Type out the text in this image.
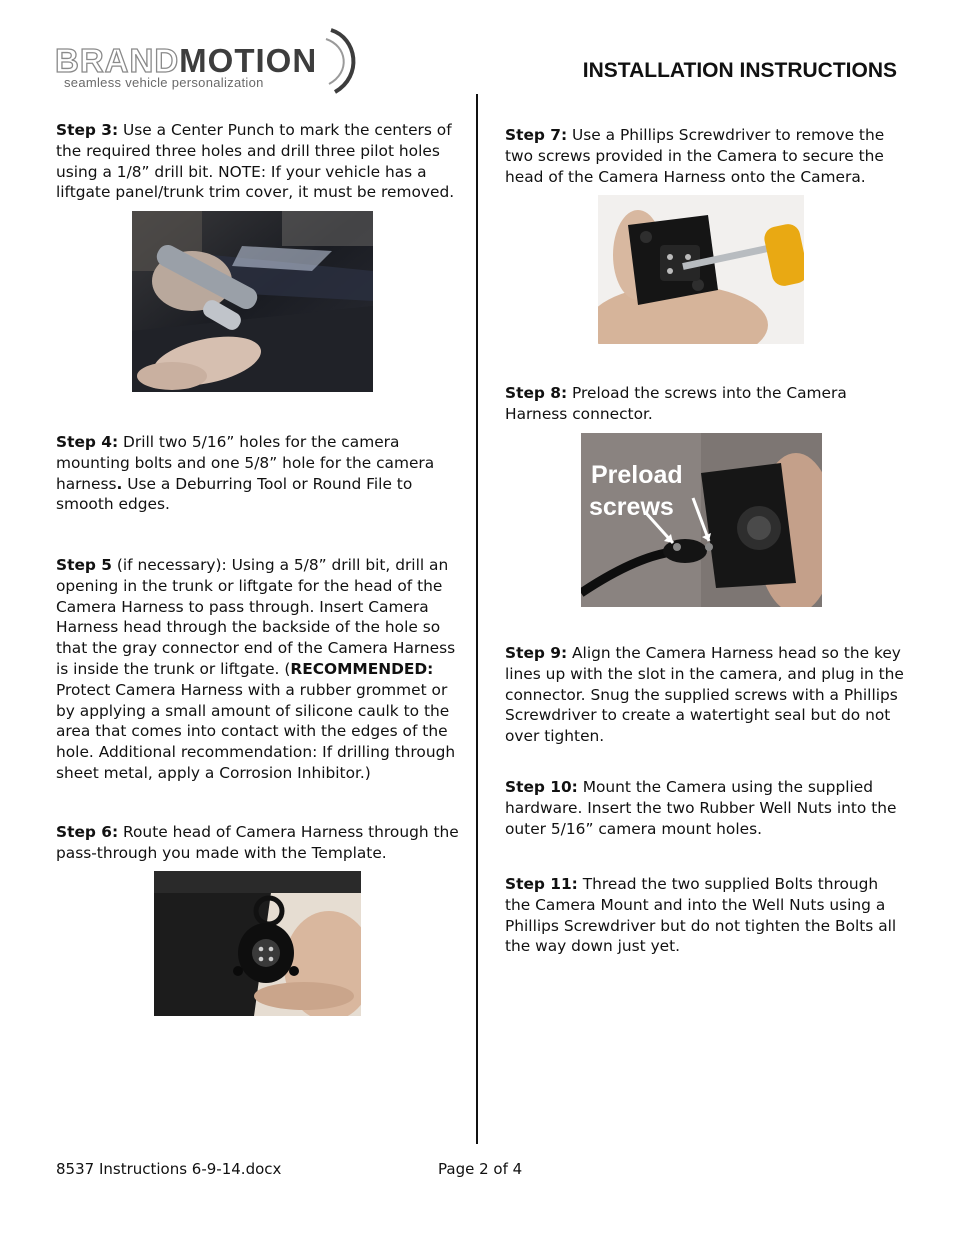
BRANDMOTION
seamless vehicle personalization
INSTALLATION INSTRUCTIONS

Step 3: Use a Center Punch to mark the centers of the required three holes and drill three pilot holes using a 1/8” drill bit. NOTE: If your vehicle has a liftgate panel/trunk trim cover, it must be removed.

Step 4: Drill two 5/16” holes for the camera mounting bolts and one 5/8” hole for the camera harness. Use a Deburring Tool or Round File to smooth edges.

Step 5 (if necessary): Using a 5/8” drill bit, drill an opening in the trunk or liftgate for the head of the Camera Harness to pass through. Insert Camera Harness head through the backside of the hole so that the gray connector end of the Camera Harness is inside the trunk or liftgate. (RECOMMENDED: Protect Camera Harness with a rubber grommet or by applying a small amount of silicone caulk to the area that comes into contact with the edges of the hole. Additional recommendation: If drilling through sheet metal, apply a Corrosion Inhibitor.)

Step 6: Route head of Camera Harness through the pass-through you made with the Template.

Step 7: Use a Phillips Screwdriver to remove the two screws provided in the Camera to secure the head of the Camera Harness onto the Camera.

Step 8: Preload the screws into the Camera Harness connector.

Preload
screws

Step 9: Align the Camera Harness head so the key lines up with the slot in the camera, and plug in the connector. Snug the supplied screws with a Phillips Screwdriver to create a watertight seal but do not over tighten.

Step 10: Mount the Camera using the supplied hardware. Insert the two Rubber Well Nuts into the outer 5/16” camera mount holes.

Step 11: Thread the two supplied Bolts through the Camera Mount and into the Well Nuts using a Phillips Screwdriver but do not tighten the Bolts all the way down just yet.

8537 Instructions 6-9-14.docx	Page 2 of 4
